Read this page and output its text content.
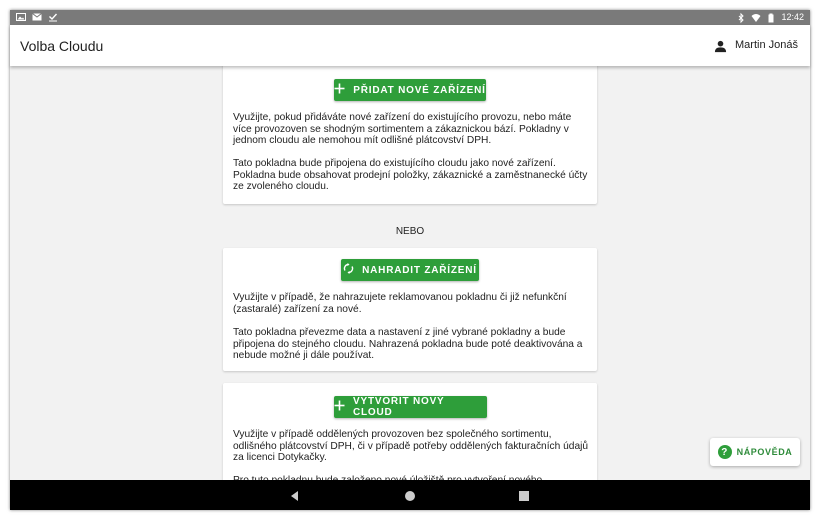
12:42
Volba Cloudu	Martin Jonáš
PŘIDAT NOVÉ ZAŘÍZENÍ

Využijte, pokud přidáváte nové zařízení do existujícího provozu, nebo máte více provozoven se shodným sortimentem a zákaznickou bází. Pokladny v jednom cloudu ale nemohou mít odlišné plátcovství DPH.

Tato pokladna bude připojena do existujícího cloudu jako nové zařízení. Pokladna bude obsahovat prodejní položky, zákaznické a zaměstnanecké účty ze zvoleného cloudu.

NEBO
NAHRADIT ZAŘÍZENÍ

Využijte v případě, že nahrazujete reklamovanou pokladnu či již nefunkční (zastaralé) zařízení za nové.

Tato pokladna převezme data a nastavení z jiné vybrané pokladny a bude připojena do stejného cloudu. Nahrazená pokladna bude poté deaktivována a nebude možné ji dále používat.

VYTVOŘIT NOVÝ CLOUD

Využijte v případě oddělených provozoven bez společného sortimentu, odlišného plátcovství DPH, či v případě potřeby oddělených fakturačních údajů za licenci Dotykačky.

? NÁPOVĚDA
